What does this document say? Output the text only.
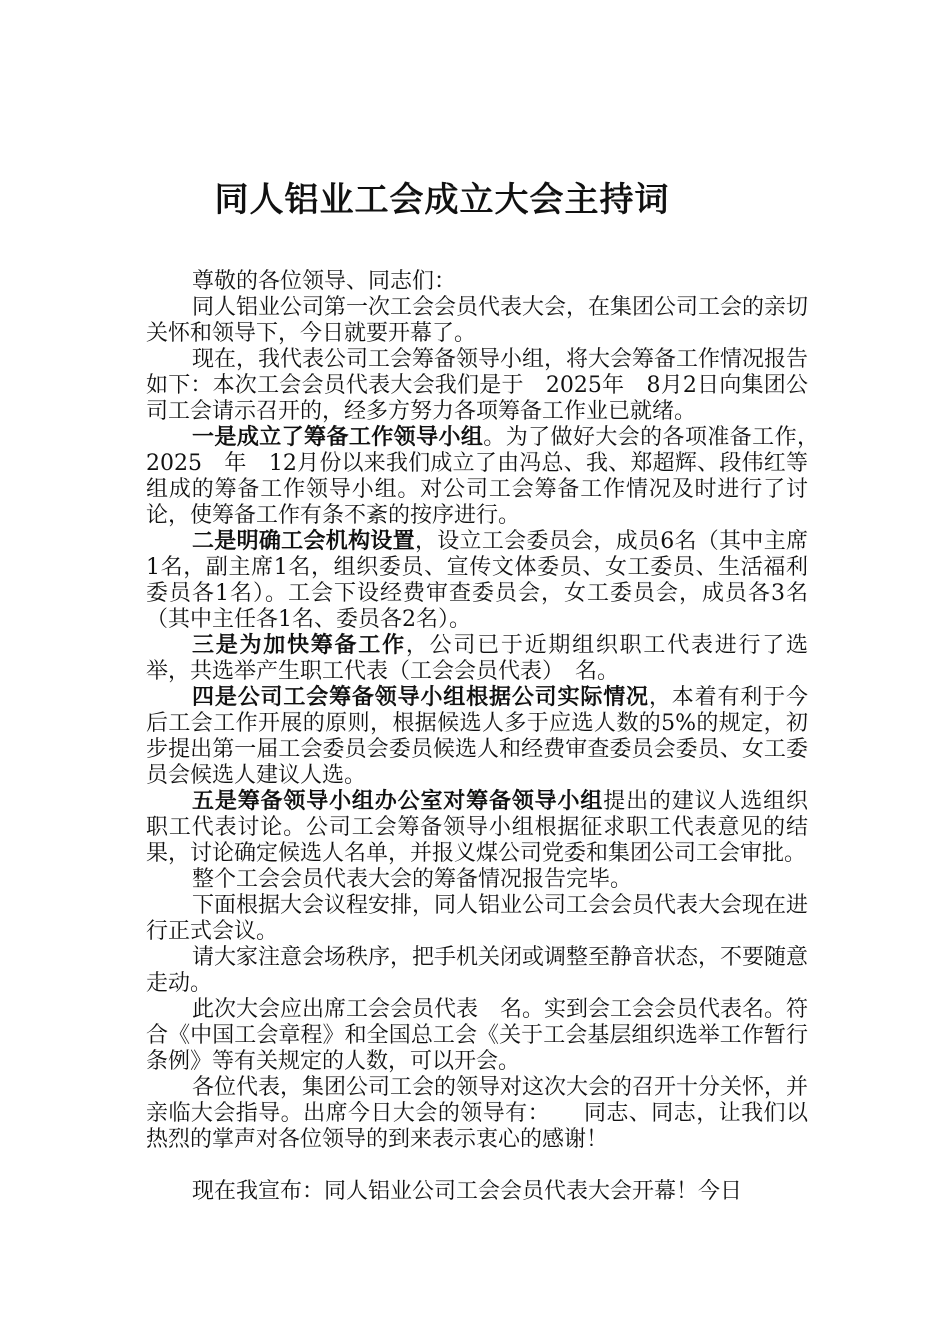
同人铝业工会成立大会主持词

尊敬的各位领导、同志们：

同人铝业公司第一次工会会员代表大会，在集团公司工会的亲切关怀和领导下，今日就要开幕了。

现在，我代表公司工会筹备领导小组，将大会筹备工作情况报告如下：本次工会会员代表大会我们是于　2025年　8月2日向集团公司工会请示召开的，经多方努力各项筹备工作业已就绪。

一是成立了筹备工作领导小组。为了做好大会的各项准备工作，　　2025　年　12月份以来我们成立了由冯总、我、郑超辉、段伟红等组成的筹备工作领导小组。对公司工会筹备工作情况及时进行了讨论，使筹备工作有条不紊的按序进行。

二是明确工会机构设置，设立工会委员会，成员6名（其中主席1名，副主席1名，组织委员、宣传文体委员、女工委员、生活福利委员各1名）。工会下设经费审查委员会，女工委员会，成员各3名（其中主任各1名、委员各2名）。

三是为加快筹备工作，公司已于近期组织职工代表进行了选举，共选举产生职工代表（工会会员代表）　名。

四是公司工会筹备领导小组根据公司实际情况，本着有利于今后工会工作开展的原则，根据候选人多于应选人数的5%的规定，初步提出第一届工会委员会委员候选人和经费审查委员会委员、女工委员会候选人建议人选。

五是筹备领导小组办公室对筹备领导小组提出的建议人选组织职工代表讨论。公司工会筹备领导小组根据征求职工代表意见的结果，讨论确定候选人名单，并报义煤公司党委和集团公司工会审批。

整个工会会员代表大会的筹备情况报告完毕。

下面根据大会议程安排，同人铝业公司工会会员代表大会现在进行正式会议。

请大家注意会场秩序，把手机关闭或调整至静音状态，不要随意走动。

此次大会应出席工会会员代表　名。实到会工会会员代表名。符合《中国工会章程》和全国总工会《关于工会基层组织选举工作暂行条例》等有关规定的人数，可以开会。

各位代表，集团公司工会的领导对这次大会的召开十分关怀，并亲临大会指导。出席今日大会的领导有：　　同志、同志，让我们以热烈的掌声对各位领导的到来表示衷心的感谢！

现在我宣布：同人铝业公司工会会员代表大会开幕！今日
